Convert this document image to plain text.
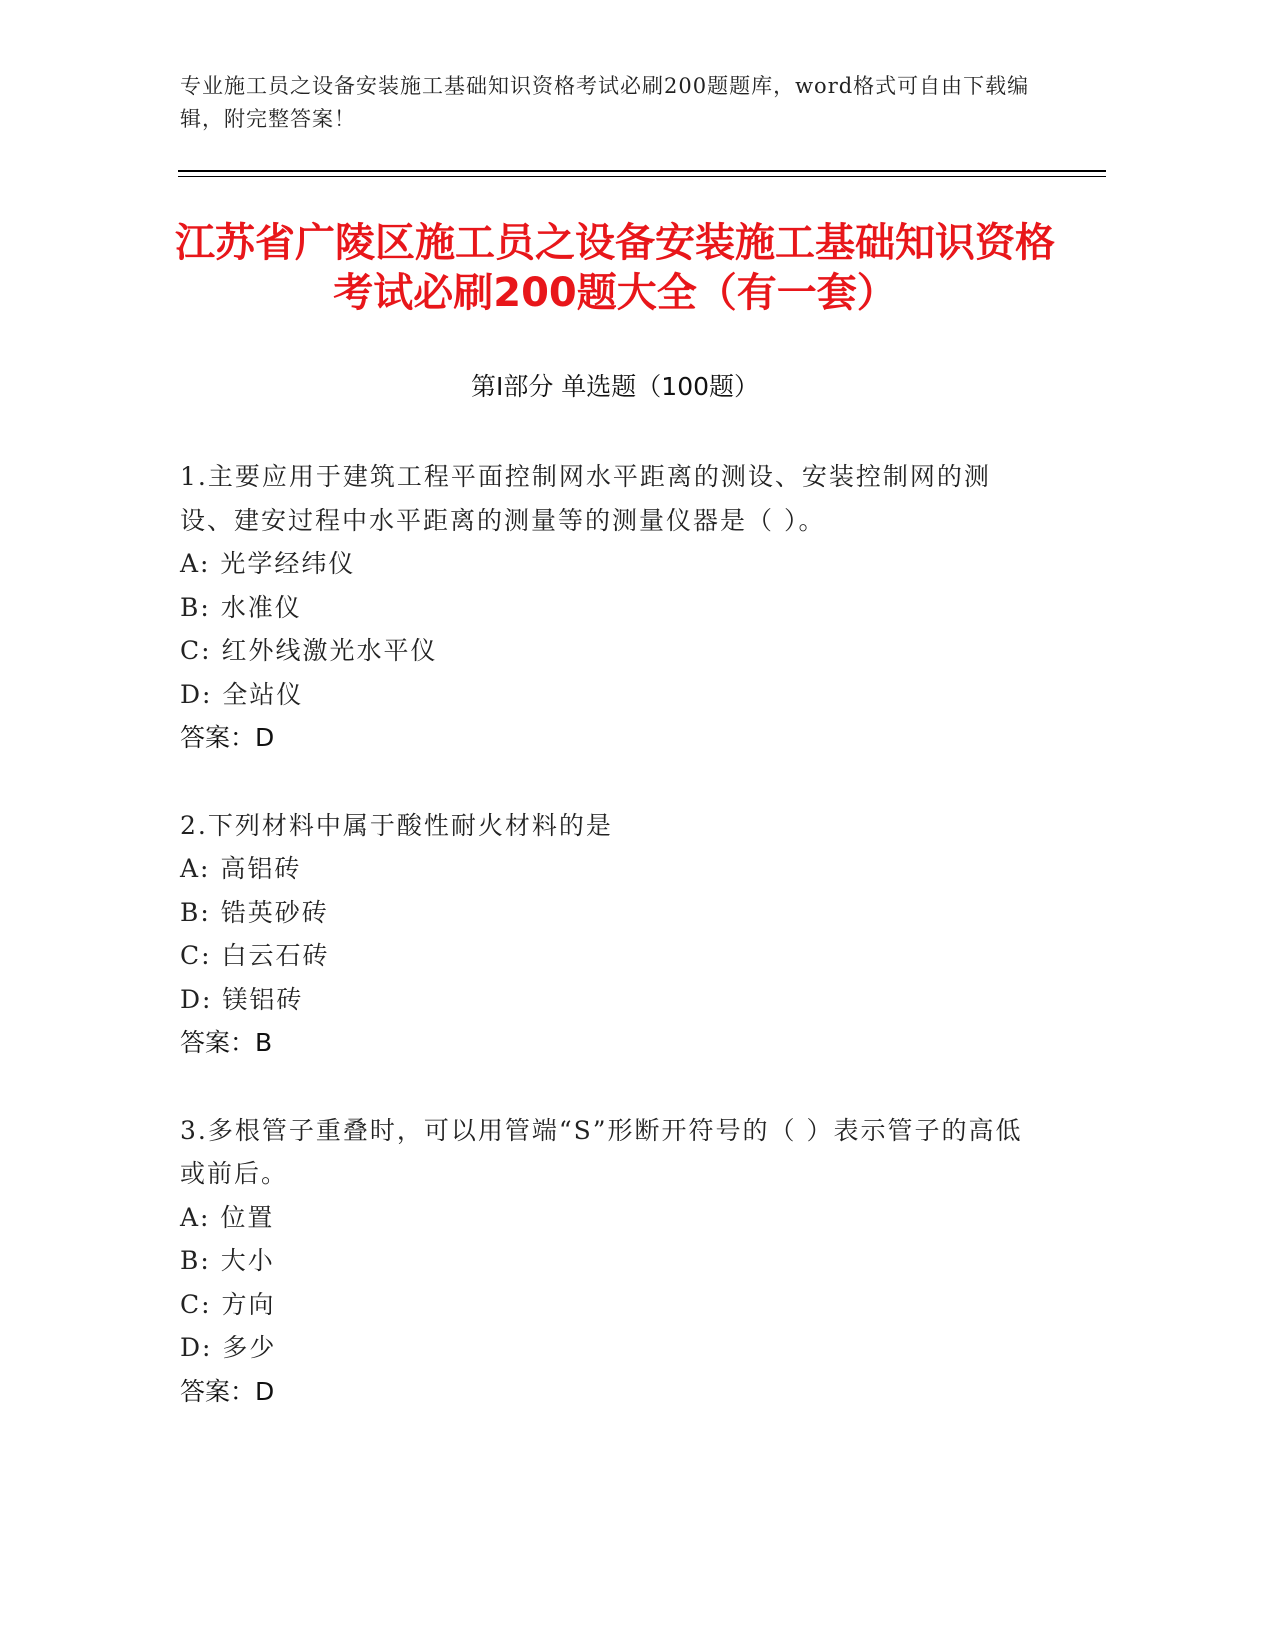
专业施工员之设备安装施工基础知识资格考试必刷200题题库，word格式可自由下载编辑，附完整答案！
江苏省广陵区施工员之设备安装施工基础知识资格考试必刷200题大全（有一套）
第Ⅰ部分 单选题（100题）

1.主要应用于建筑工程平面控制网水平距离的测设、安装控制网的测设、建安过程中水平距离的测量等的测量仪器是（ ）。

A: 光学经纬仪

B: 水准仪

C: 红外线激光水平仪

D: 全站仪

答案：D

2.下列材料中属于酸性耐火材料的是

A: 高铝砖

B: 锆英砂砖

C: 白云石砖

D: 镁铝砖

答案：B

3.多根管子重叠时，可以用管端“S”形断开符号的（ ）表示管子的高低或前后。

A: 位置

B: 大小

C: 方向

D: 多少

答案：D
